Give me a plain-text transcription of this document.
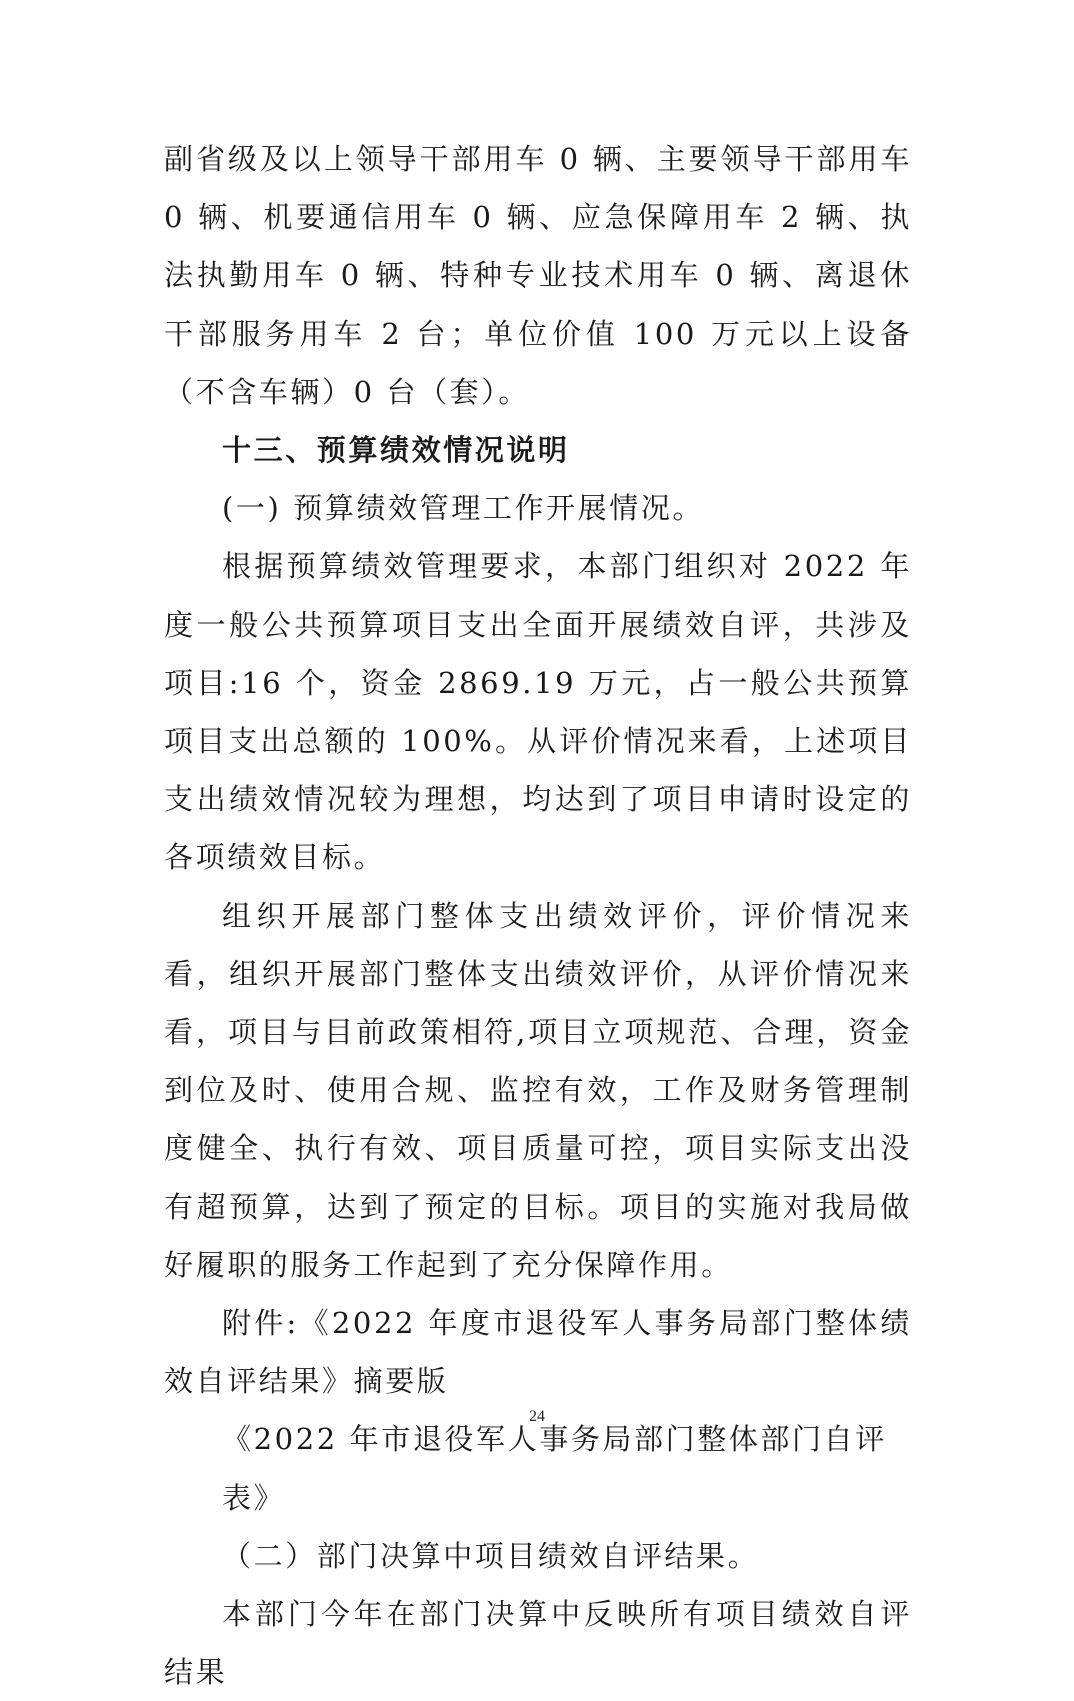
副省级及以上领导干部用车 0 辆、主要领导干部用车 0 辆、机要通信用车 0 辆、应急保障用车 2 辆、执法执勤用车 0 辆、特种专业技术用车 0 辆、离退休干部服务用车 2 台；单位价值 100 万元以上设备（不含车辆）0 台（套）。

十三、预算绩效情况说明

(一) 预算绩效管理工作开展情况。

根据预算绩效管理要求，本部门组织对 2022 年度一般公共预算项目支出全面开展绩效自评，共涉及项目:16 个，资金 2869.19 万元，占一般公共预算项目支出总额的 100%。从评价情况来看，上述项目支出绩效情况较为理想，均达到了项目申请时设定的各项绩效目标。

组织开展部门整体支出绩效评价，评价情况来看，组织开展部门整体支出绩效评价，从评价情况来看，项目与目前政策相符,项目立项规范、合理，资金到位及时、使用合规、监控有效，工作及财务管理制度健全、执行有效、项目质量可控，项目实际支出没有超预算，达到了预定的目标。项目的实施对我局做好履职的服务工作起到了充分保障作用。

附件:《2022 年度市退役军人事务局部门整体绩效自评结果》摘要版

《2022 年市退役军人事务局部门整体部门自评表》

（二）部门决算中项目绩效自评结果。

本部门今年在部门决算中反映所有项目绩效自评结果

24
